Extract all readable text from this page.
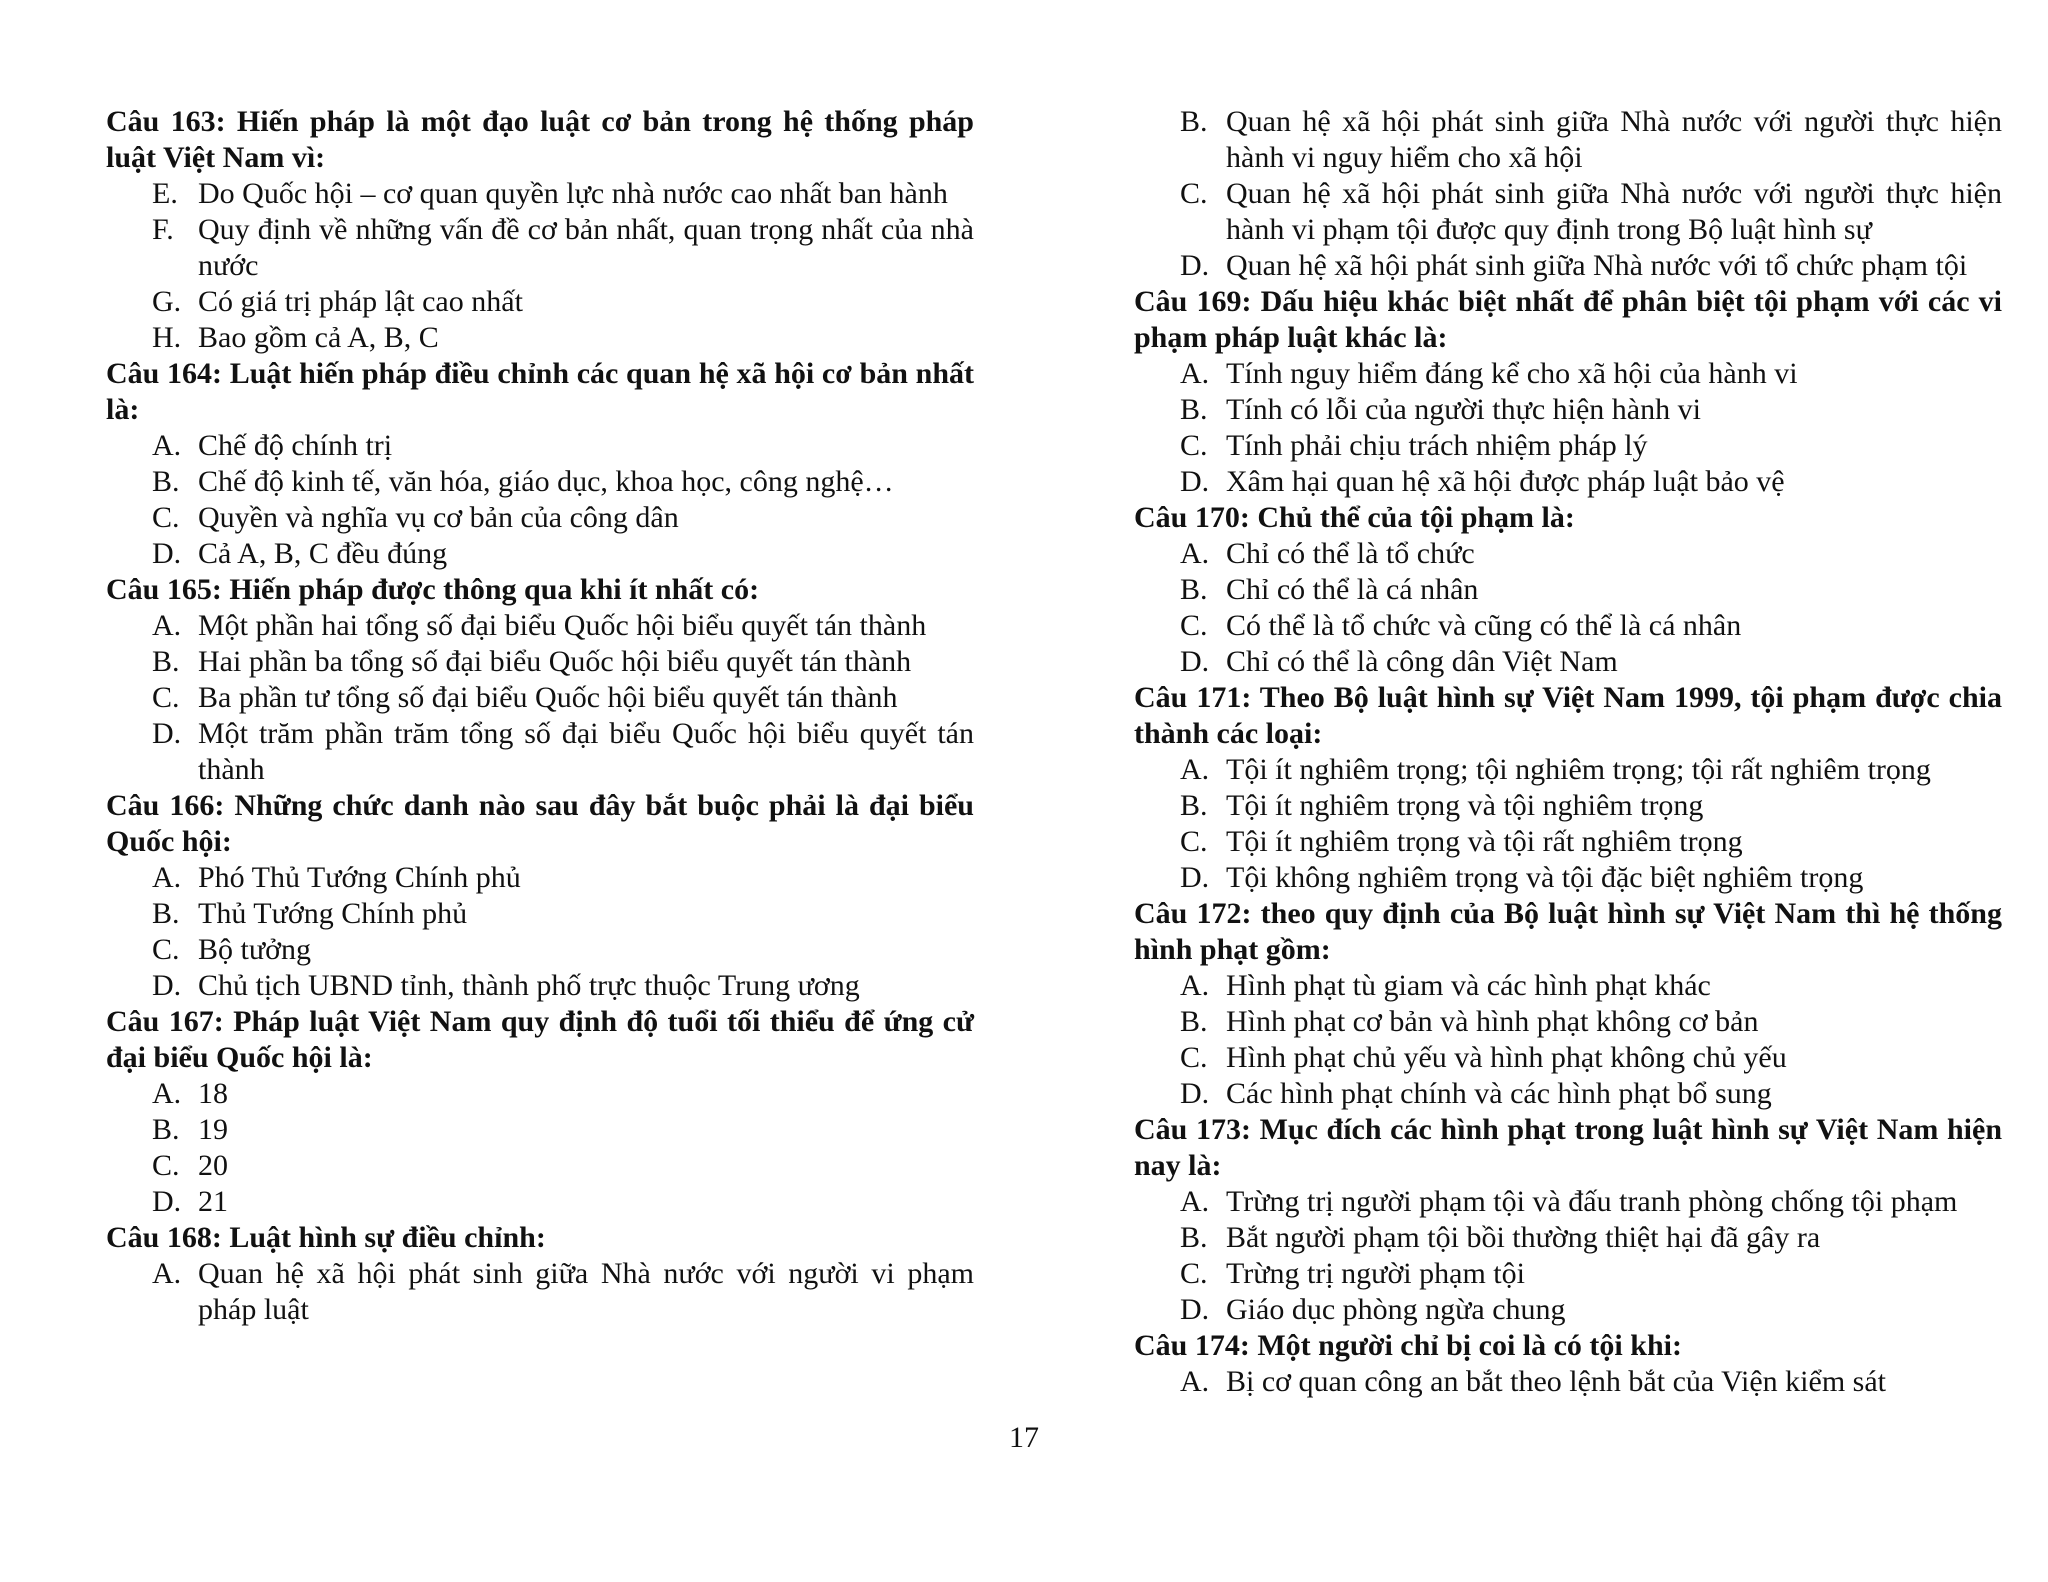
Câu 163: Hiến pháp là một đạo luật cơ bản trong hệ thống pháp luật Việt Nam vì:

E. Do Quốc hội – cơ quan quyền lực nhà nước cao nhất ban hành
F. Quy định về những vấn đề cơ bản nhất, quan trọng nhất của nhà nước
G. Có giá trị pháp lật cao nhất
H. Bao gồm cả A, B, C

Câu 164: Luật hiến pháp điều chỉnh các quan hệ xã hội cơ bản nhất là:

A. Chế độ chính trị
B. Chế độ kinh tế, văn hóa, giáo dục, khoa học, công nghệ…
C. Quyền và nghĩa vụ cơ bản của công dân
D. Cả A, B, C đều đúng

Câu 165: Hiến pháp được thông qua khi ít nhất có:

A. Một phần hai tổng số đại biểu Quốc hội biểu quyết tán thành
B. Hai phần ba tổng số đại biểu Quốc hội biểu quyết tán thành
C. Ba phần tư tổng số đại biểu Quốc hội biểu quyết tán thành
D. Một trăm phần trăm tổng số đại biểu Quốc hội biểu quyết tán thành

Câu 166: Những chức danh nào sau đây bắt buộc phải là đại biểu Quốc hội:

A. Phó Thủ Tướng Chính phủ
B. Thủ Tướng Chính phủ
C. Bộ tưởng
D. Chủ tịch UBND tỉnh, thành phố trực thuộc Trung ương

Câu 167: Pháp luật Việt Nam quy định độ tuổi tối thiểu để ứng cử đại biểu Quốc hội là:

A. 18
B. 19
C. 20
D. 21

Câu 168: Luật hình sự điều chỉnh:

A. Quan hệ xã hội phát sinh giữa Nhà nước với người vi phạm pháp luật
B. Quan hệ xã hội phát sinh giữa Nhà nước với người thực hiện hành vi nguy hiểm cho xã hội
C. Quan hệ xã hội phát sinh giữa Nhà nước với người thực hiện hành vi phạm tội được quy định trong Bộ luật hình sự
D. Quan hệ xã hội phát sinh giữa Nhà nước với tổ chức phạm tội

Câu 169: Dấu hiệu khác biệt nhất để phân biệt tội phạm với các vi phạm pháp luật khác là:

A. Tính nguy hiểm đáng kể cho xã hội của hành vi
B. Tính có lỗi của người thực hiện hành vi
C. Tính phải chịu trách nhiệm pháp lý
D. Xâm hại quan hệ xã hội được pháp luật bảo vệ

Câu 170: Chủ thể của tội phạm là:

A. Chỉ có thể là tổ chức
B. Chỉ có thể là cá nhân
C. Có thể là tổ chức và cũng có thể là cá nhân
D. Chỉ có thể là công dân Việt Nam

Câu 171: Theo Bộ luật hình sự Việt Nam 1999, tội phạm được chia thành các loại:

A. Tội ít nghiêm trọng; tội nghiêm trọng; tội rất nghiêm trọng
B. Tội ít nghiêm trọng và tội nghiêm trọng
C. Tội ít nghiêm trọng và tội rất nghiêm trọng
D. Tội không nghiêm trọng và tội đặc biệt nghiêm trọng

Câu 172: theo quy định của Bộ luật hình sự Việt Nam thì hệ thống hình phạt gồm:

A. Hình phạt tù giam và các hình phạt khác
B. Hình phạt cơ bản và hình phạt không cơ bản
C. Hình phạt chủ yếu và hình phạt không chủ yếu
D. Các hình phạt chính và các hình phạt bổ sung

Câu 173: Mục đích các hình phạt trong luật hình sự Việt Nam hiện nay là:

A. Trừng trị người phạm tội và đấu tranh phòng chống tội phạm
B. Bắt người phạm tội bồi thường thiệt hại đã gây ra
C. Trừng trị người phạm tội
D. Giáo dục phòng ngừa chung

Câu 174: Một người chỉ bị coi là có tội khi:

A. Bị cơ quan công an bắt theo lệnh bắt của Viện kiểm sát
17
